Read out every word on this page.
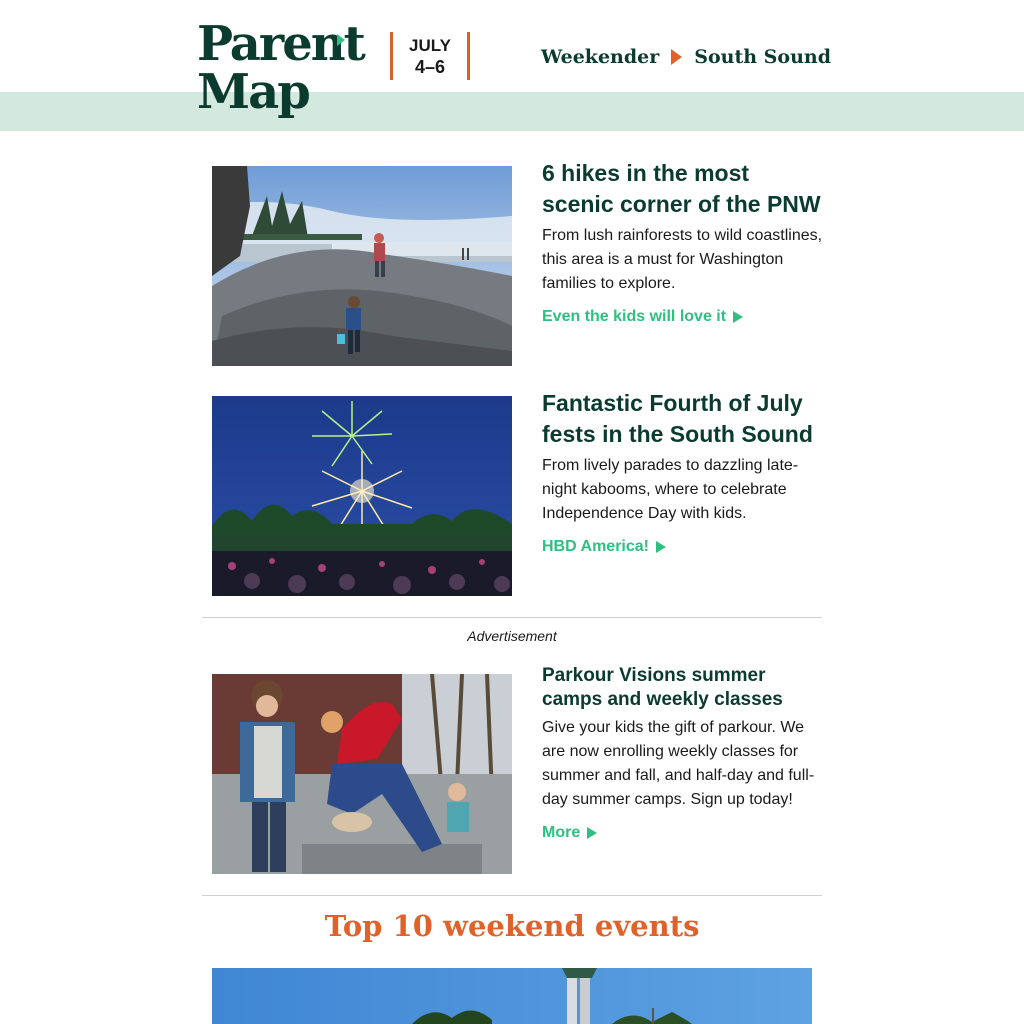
Parent
Map
JULY
4–6	Weekender South Sound
6 hikes in the most scenic corner of the PNW
From lush rainforests to wild coastlines, this area is a must for Washington families to explore.
Even the kids will love it
Fantastic Fourth of July fests in the South Sound
From lively parades to dazzling late-night kabooms, where to celebrate Independence Day with kids.
HBD America!
Advertisement
Parkour Visions summer camps and weekly classes
Give your kids the gift of parkour. We are now enrolling weekly classes for summer and fall, and half-day and full-day summer camps. Sign up today!
More
Top 10 weekend events
